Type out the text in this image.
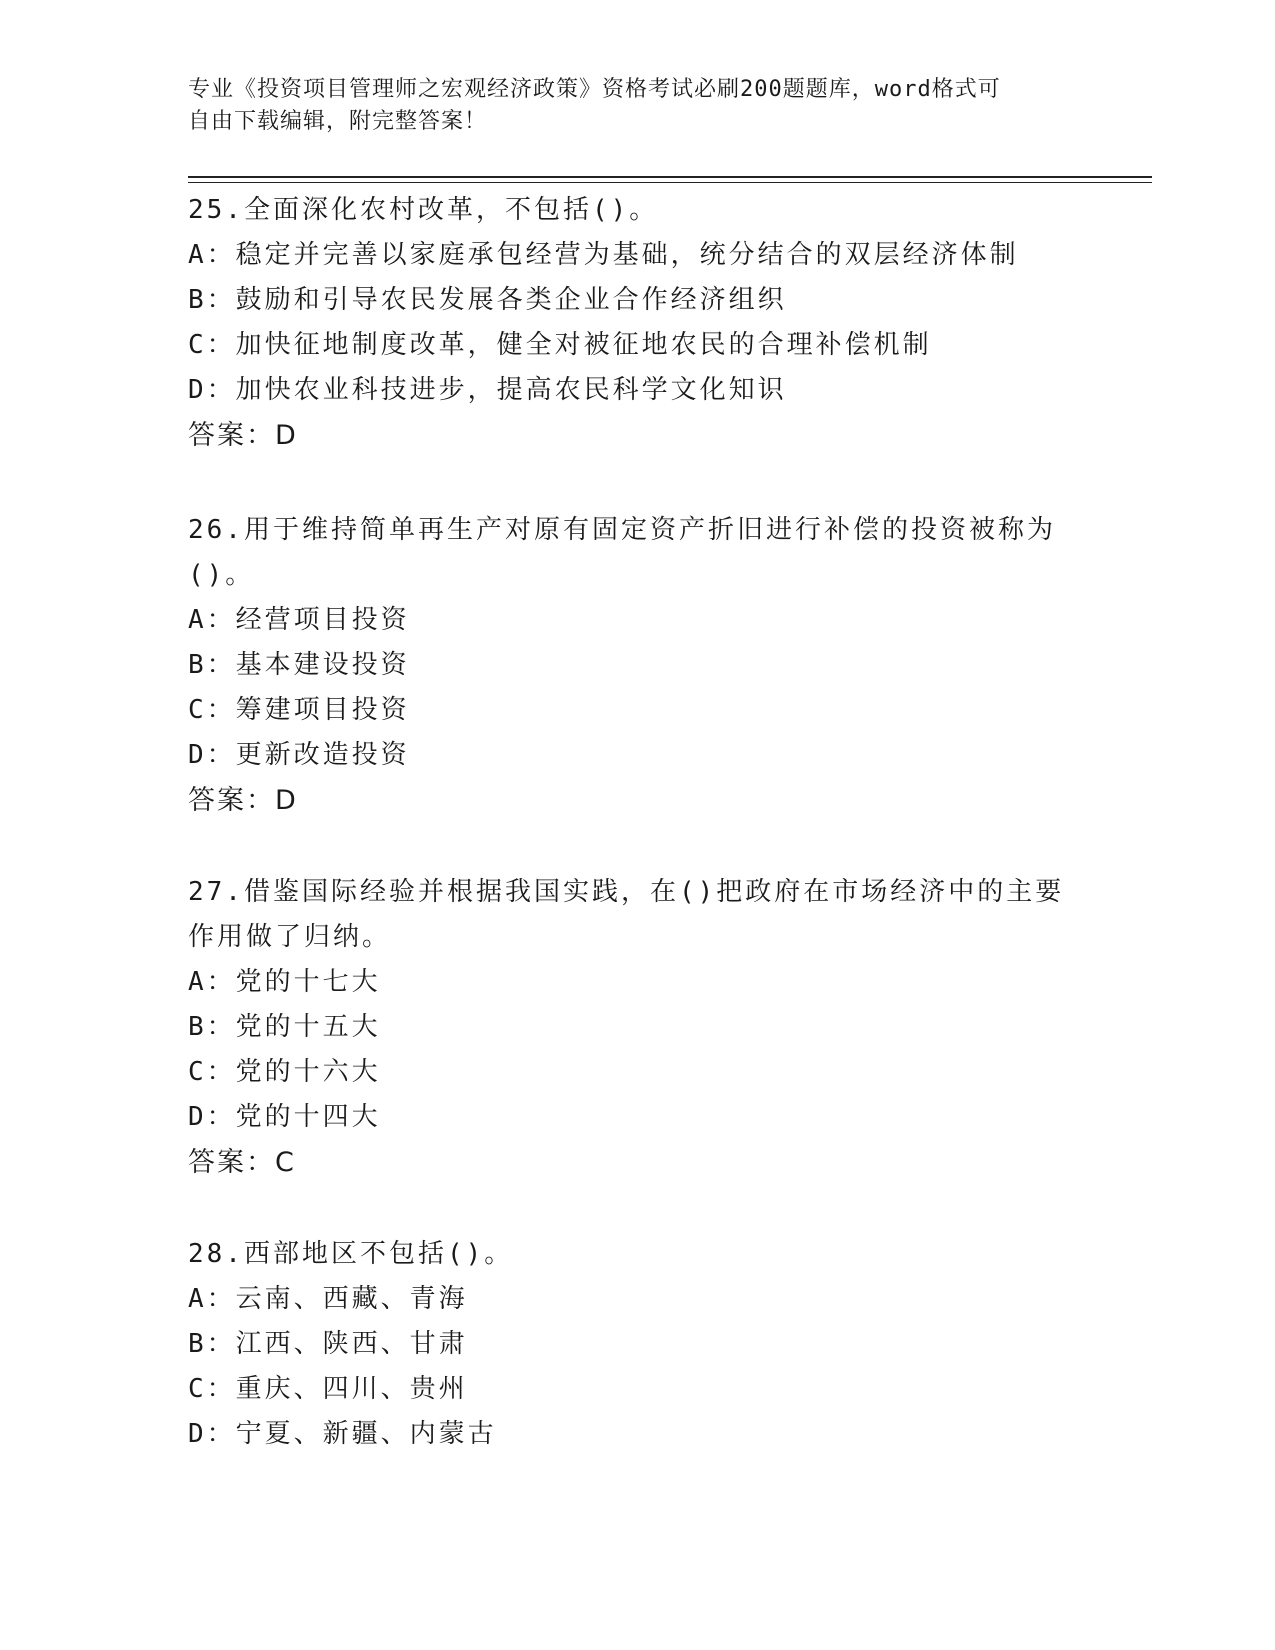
专业《投资项目管理师之宏观经济政策》资格考试必刷200题题库，word格式可
自由下载编辑，附完整答案！
25.全面深化农村改革，不包括()。
A：稳定并完善以家庭承包经营为基础，统分结合的双层经济体制
B：鼓励和引导农民发展各类企业合作经济组织
C：加快征地制度改革，健全对被征地农民的合理补偿机制
D：加快农业科技进步，提高农民科学文化知识
答案：D
26.用于维持简单再生产对原有固定资产折旧进行补偿的投资被称为()。
A：经营项目投资
B：基本建设投资
C：筹建项目投资
D：更新改造投资
答案：D
27.借鉴国际经验并根据我国实践，在()把政府在市场经济中的主要作用做了归纳。
A：党的十七大
B：党的十五大
C：党的十六大
D：党的十四大
答案：C
28.西部地区不包括()。
A：云南、西藏、青海
B：江西、陕西、甘肃
C：重庆、四川、贵州
D：宁夏、新疆、内蒙古
